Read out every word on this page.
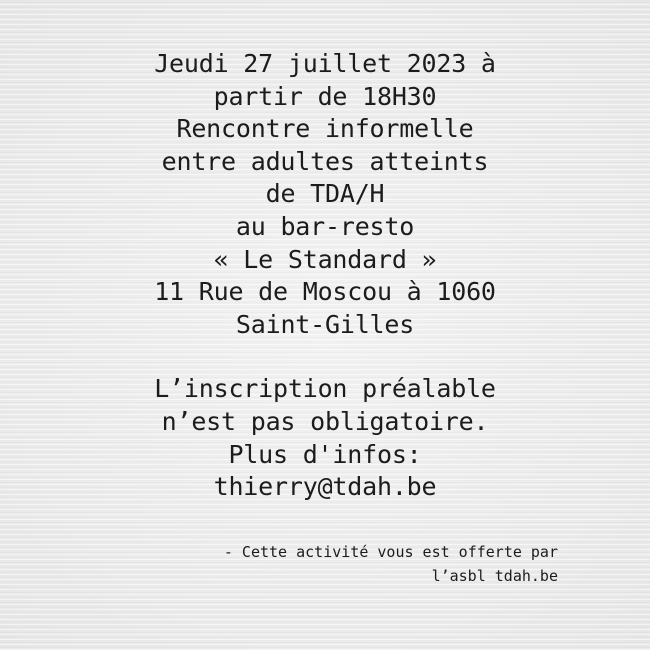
Jeudi 27 juillet 2023 à
partir de 18H30
Rencontre informelle
entre adultes atteints
de TDA/H
au bar-resto
« Le Standard »
11 Rue de Moscou à 1060
Saint-Gilles
L’inscription préalable
n’est pas obligatoire.
Plus d'infos:
thierry@tdah.be
- Cette activité vous est offerte par
l’asbl tdah.be
